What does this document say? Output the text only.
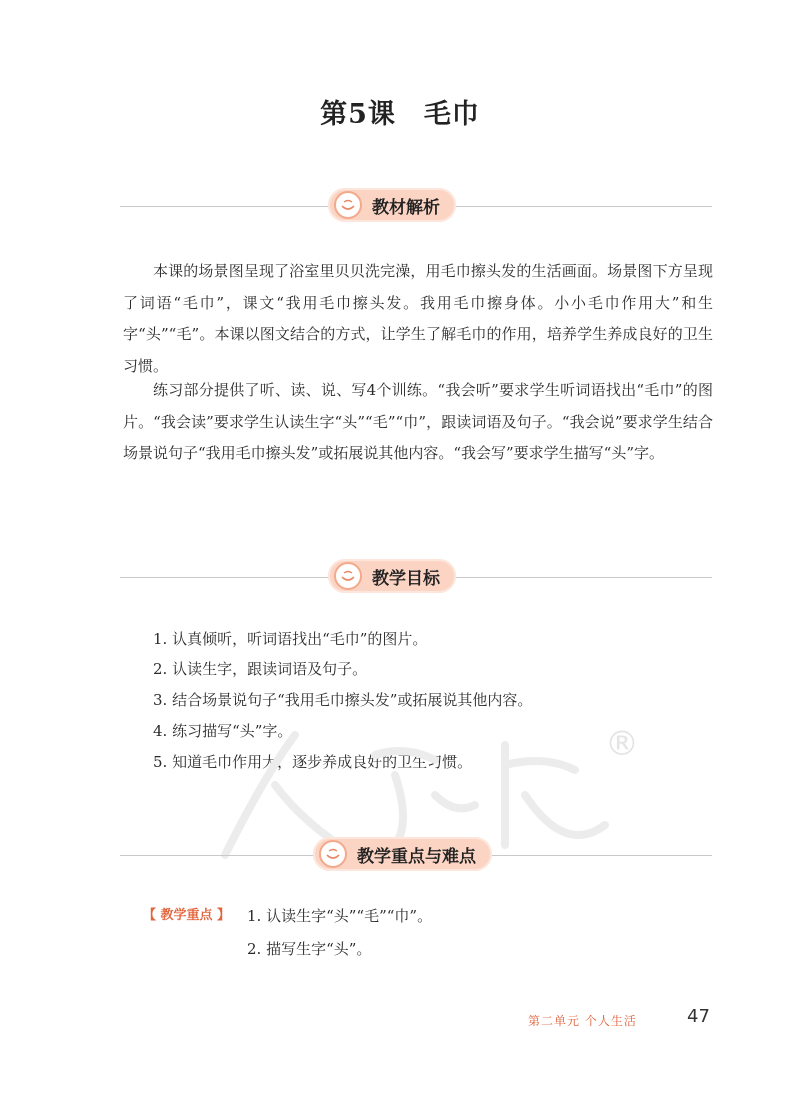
第5课 毛巾
教材解析

本课的场景图呈现了浴室里贝贝洗完澡，用毛巾擦头发的生活画面。场景图下方呈现了词语“毛巾”，课文“我用毛巾擦头发。我用毛巾擦身体。小小毛巾作用大”和生字“头”“毛”。本课以图文结合的方式，让学生了解毛巾的作用，培养学生养成良好的卫生习惯。

练习部分提供了听、读、说、写4个训练。“我会听”要求学生听词语找出“毛巾”的图片。“我会读”要求学生认读生字“头”“毛”“巾”，跟读词语及句子。“我会说”要求学生结合场景说句子“我用毛巾擦头发”或拓展说其他内容。“我会写”要求学生描写“头”字。

教学目标
1. 认真倾听，听词语找出“毛巾”的图片。
2. 认读生字，跟读词语及句子。
3. 结合场景说句子“我用毛巾擦头发”或拓展说其他内容。
4. 练习描写“头”字。
5. 知道毛巾作用大，逐步养成良好的卫生习惯。	®
教学重点与难点
【 教学重点 】 1. 认读生字“头”“毛”“巾”。
2. 描写生字“头”。
第二单元 个人生活	47
